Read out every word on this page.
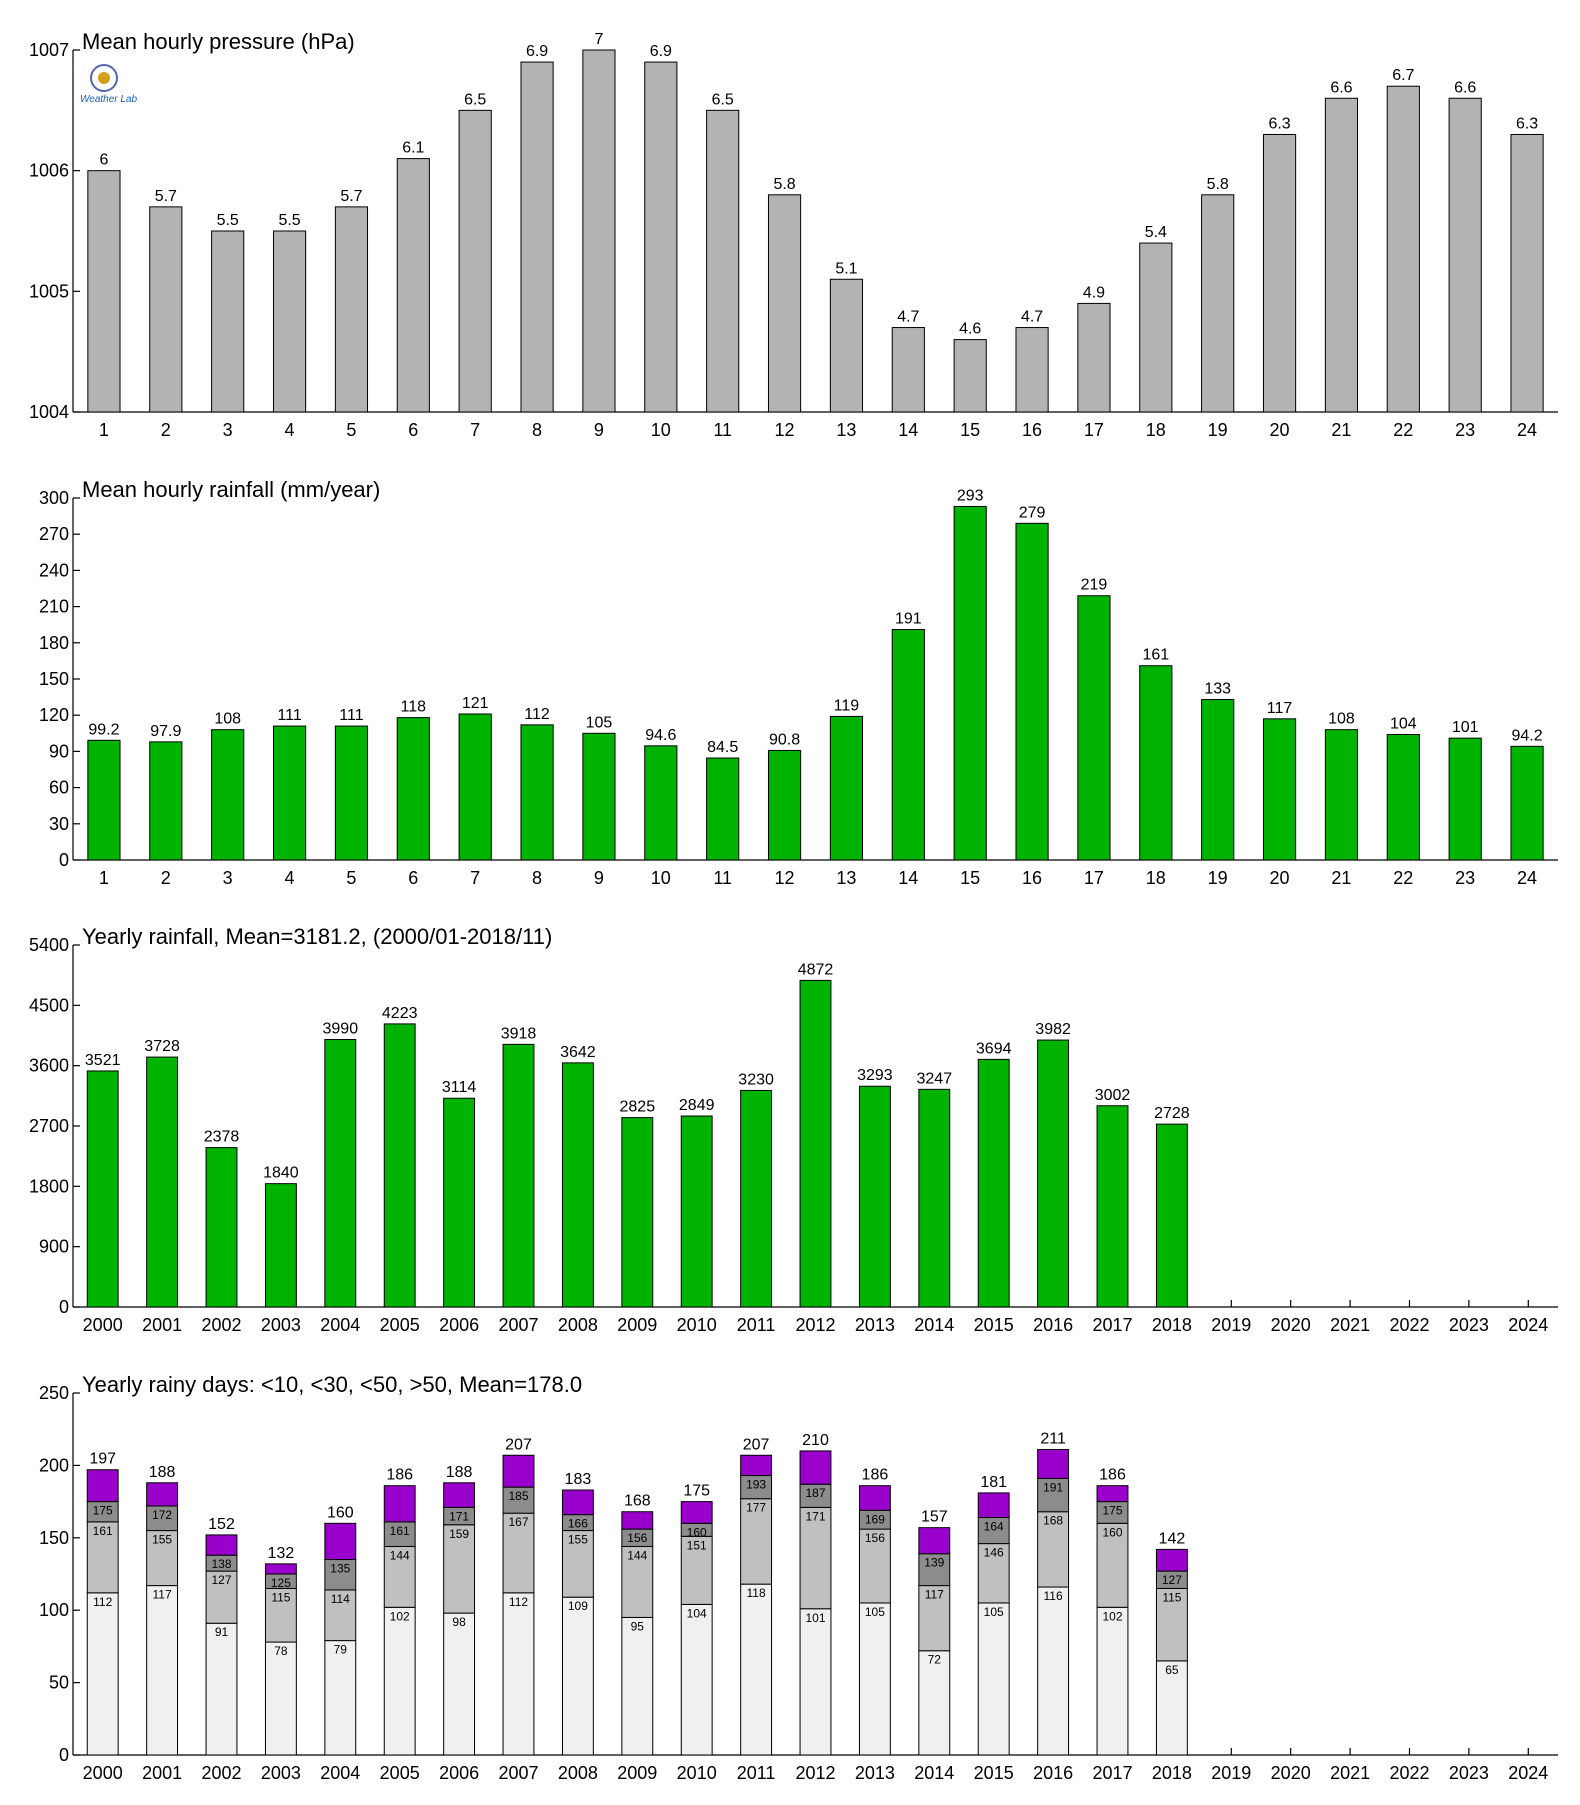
Weather Lab
Mean hourly pressure (hPa)
1004
1005
1006
1007
1
6
2
5.7
3
5.5
4
5.5
5
5.7
6
6.1
7
6.5
8
6.9
9
7
10
6.9
11
6.5
12
5.8
13
5.1
14
4.7
15
4.6
16
4.7
17
4.9
18
5.4
19
5.8
20
6.3
21
6.6
22
6.7
23
6.6
24
6.3
Mean hourly rainfall (mm/year)
0
30
60
90
120
150
180
210
240
270
300
1
99.2
2
97.9
3
108
4
111
5
111
6
118
7
121
8
112
9
105
10
94.6
11
84.5
12
90.8
13
119
14
191
15
293
16
279
17
219
18
161
19
133
20
117
21
108
22
104
23
101
24
94.2
Yearly rainfall, Mean=3181.2, (2000/01-2018/11)
0
900
1800
2700
3600
4500
5400
2000
3521
2001
3728
2002
2378
2003
1840
2004
3990
2005
4223
2006
3114
2007
3918
2008
3642
2009
2825
2010
2849
2011
3230
2012
4872
2013
3293
2014
3247
2015
3694
2016
3982
2017
3002
2018
2728
2019 2020 2021 2022 2023 2024
Yearly rainy days: <10, <30, <50, >50, Mean=178.0
0
50
100
150
200
250
2000
112
161
175
197
2001
117
155
172
188
2002
91
127
138
152
2003
78
115
125
132
2004
79
114
135
160
2005
102
144
161
186
2006
98
159
171
188
2007
112
167
185
207
2008
109
155
166
183
2009
95
144
156
168
2010
104
151
160
175
2011
118
177
193
207
2012
101
171
187
210
2013
105
156
169
186
2014
72
117
139
157
2015
105
146
164
181
2016
116
168
191
211
2017
102
160
175
186
2018
65
115
127
142
2019 2020 2021 2022 2023 2024
